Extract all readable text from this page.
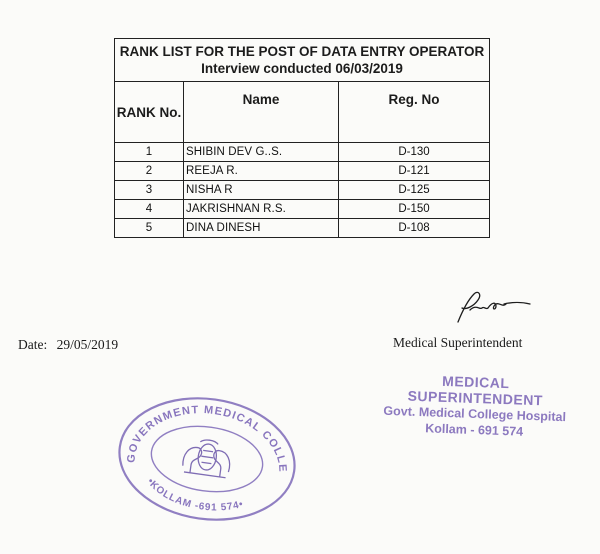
RANK LIST FOR THE POST OF DATA ENTRY OPERATOR
Interview conducted 06/03/2019		

RANK No.	Name	Reg. No
1	SHIBIN DEV G..S.	D-130
2	REEJA R.	D-121
3	NISHA R	D-125
4	JAKRISHNAN R.S.	D-150
5	DINA DINESH	D-108
Date: 29/05/2019	Medical Superintendent
MEDICAL SUPERINTENDENT
Govt. Medical College Hospital
Kollam - 691 574
GOVERNMENT MEDICAL COLLEGE
•KOLLAM -691 574•
